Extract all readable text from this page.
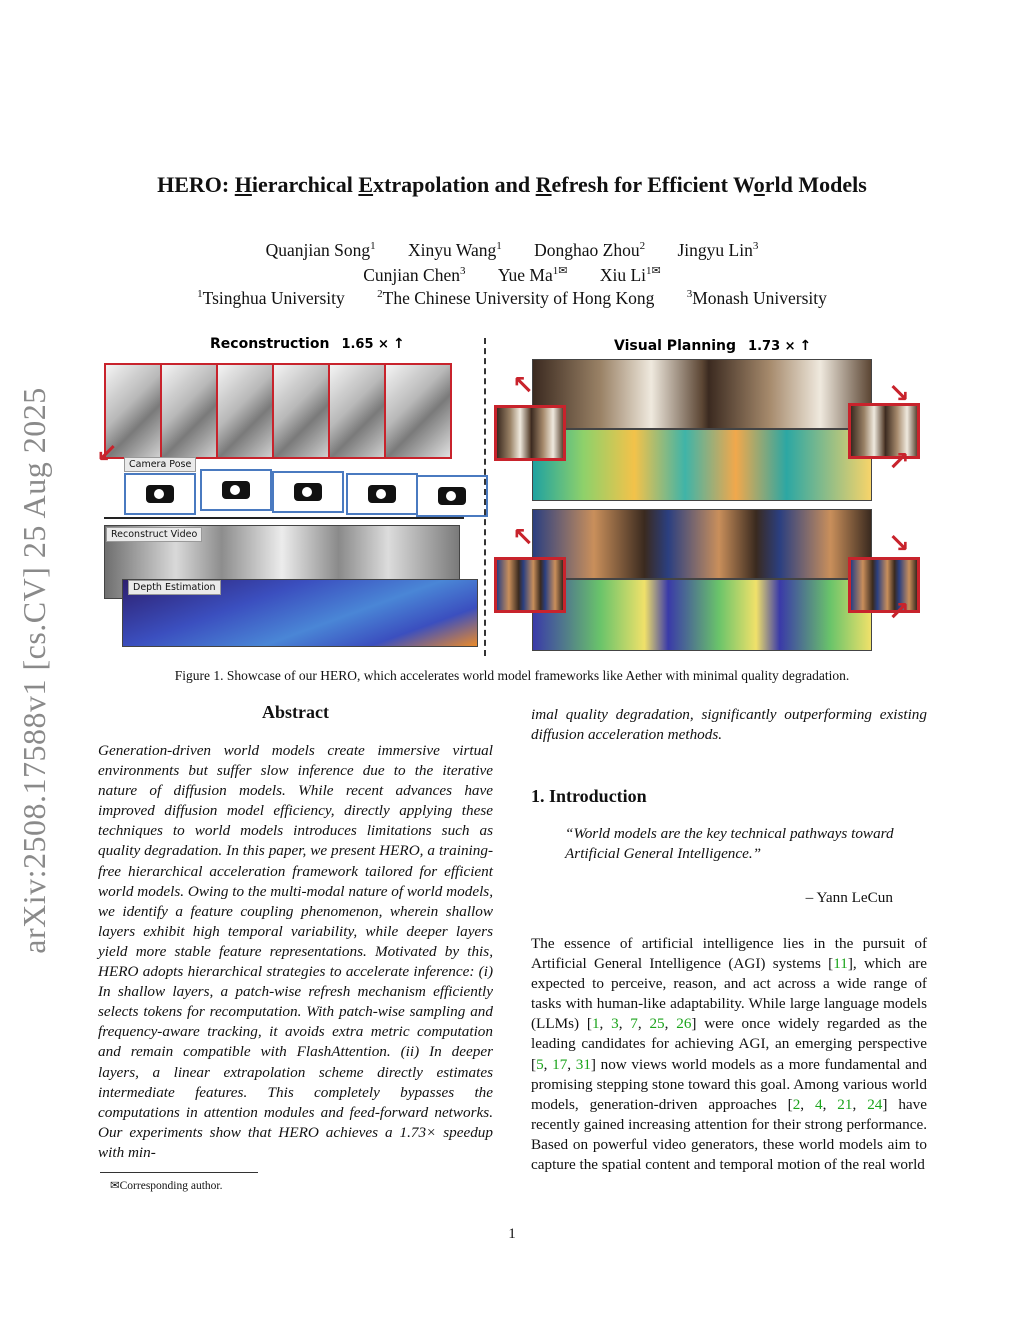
arXiv:2508.17588v1 [cs.CV] 25 Aug 2025
HERO: Hierarchical Extrapolation and Refresh for Efficient World Models
Quanjian Song$^1$ Xinyu Wang$^1$ Donghao Zhou$^2$ Jingyu Lin$^3$
Cunjian Chen$^3$ Yue $Ma^{1✉}$ Xiu $Li^{1✉}$
$^1$Tsinghua University	$^2$The Chinese University of Hong Kong	$^3$Monash University
Reconstruction 1.65 × ↑	Visual Planning 1.73 × ↑
↙	Camera Pose
Reconstruct Video
Depth Estimation
↖	↘
↗
↖	↘
↗
Figure 1. Showcase of our HERO, which accelerates world model frameworks like Aether with minimal quality degradation.
Abstract
Generation-driven world models create immersive virtual environments but suffer slow inference due to the iterative nature of diffusion models. While recent advances have improved diffusion model efficiency, directly applying these techniques to world models introduces limitations such as quality degradation. In this paper, we present HERO, a training-free hierarchical acceleration framework tailored for efficient world models. Owing to the multi-modal nature of world models, we identify a feature coupling phenomenon, wherein shallow layers exhibit high temporal variability, while deeper layers yield more stable feature representations. Motivated by this, HERO adopts hierarchical strategies to accelerate inference: (i) In shallow layers, a patch-wise refresh mechanism efficiently selects tokens for recomputation. With patch-wise sampling and frequency-aware tracking, it avoids extra metric computation and remain compatible with FlashAttention. (ii) In deeper layers, a linear extrapolation scheme directly estimates intermediate features. This completely bypasses the computations in attention modules and feed-forward networks. Our experiments show that HERO achieves a 1.73× speedup with min-
✉Corresponding author.
imal quality degradation, significantly outperforming existing diffusion acceleration methods.
1. Introduction
“World models are the key technical pathways toward Artificial General Intelligence.”
– Yann LeCun
The essence of artificial intelligence lies in the pursuit of Artificial General Intelligence (AGI) systems [11], which are expected to perceive, reason, and act across a wide range of tasks with human-like adaptability. While large language models (LLMs) [1, 3, 7, 25, 26] were once widely regarded as the leading candidates for achieving AGI, an emerging perspective [5, 17, 31] now views world models as a more fundamental and promising stepping stone toward this goal. Among various world models, generation-driven approaches [2, 4, 21, 24] have recently gained increasing attention for their strong performance. Based on powerful video generators, these world models aim to capture the spatial content and temporal motion of the real world
1
